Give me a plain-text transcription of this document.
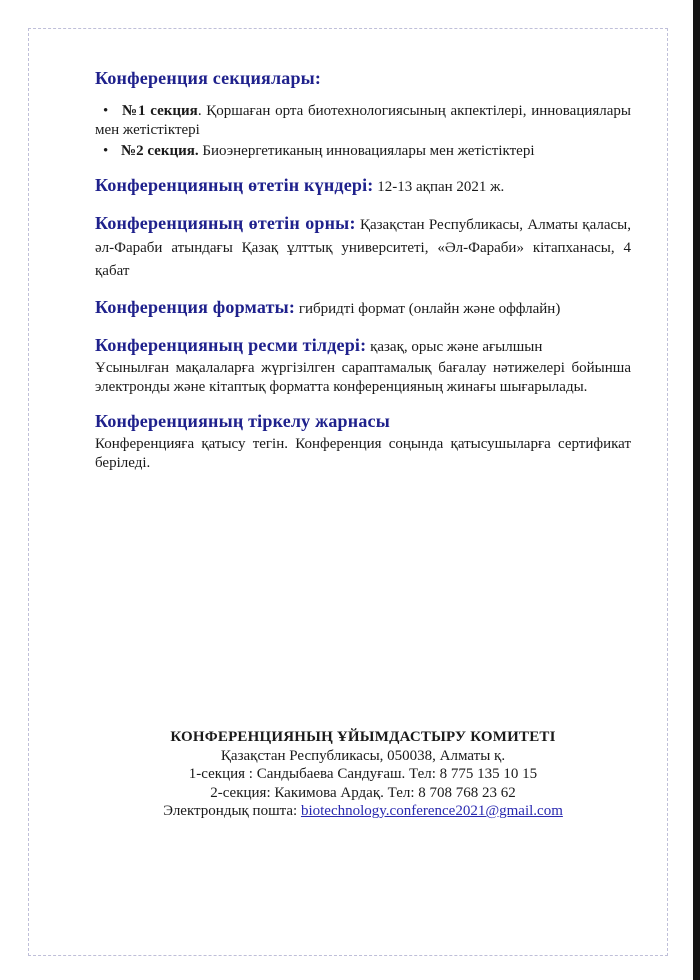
Конференция секциялары:

• №1 секция. Қоршаған орта биотехнологиясының акпектілері, инновациялары мен жетістіктері

• №2 секция. Биоэнергетиканың инновациялары мен жетістіктері

Конференцияның өтетін күндері: 12-13 ақпан 2021 ж.

Конференцияның өтетін орны: Қазақстан Республикасы, Алматы қаласы, әл-Фараби атындағы Қазақ ұлттық университеті, «Әл-Фараби» кітапханасы, 4 қабат

Конференция форматы: гибридті формат (онлайн және оффлайн)

Конференцияның ресми тілдері: қазақ, орыс және ағылшын

Ұсынылған мақалаларға жүргізілген сараптамалық бағалау нәтижелері бойынша электронды және кітаптық форматта конференцияның жинағы шығарылады.

Конференцияның тіркелу жарнасы

Конференцияға қатысу тегін. Конференция соңында қатысушыларға сертификат беріледі.

КОНФЕРЕНЦИЯНЫҢ ҰЙЫМДАСТЫРУ КОМИТЕТІ
Қазақстан Республикасы, 050038, Алматы қ.
1-секция : Сандыбаева Сандуғаш. Тел: 8 775 135 10 15
2-секция: Какимова Ардақ. Тел: 8 708 768 23 62
Электрондық пошта: biotechnology.conference2021@gmail.com
